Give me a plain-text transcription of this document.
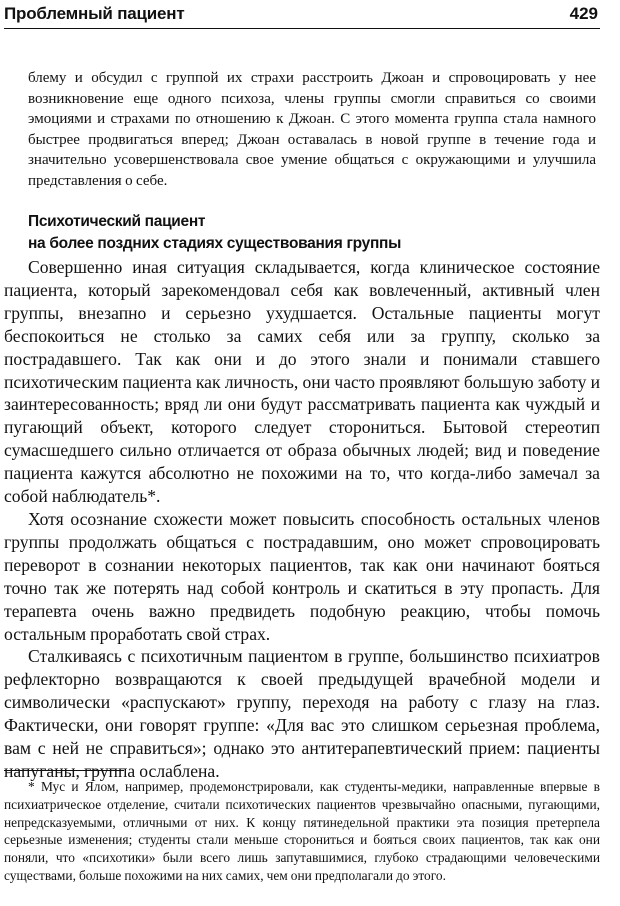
Проблемный пациент	429

блему и обсудил с группой их страхи расстроить Джоан и спровоцировать у нее возникновение еще одного психоза, члены группы смогли справиться со своими эмоциями и страхами по отношению к Джоан. С этого момента группа стала намного быстрее продвигаться вперед; Джоан оставалась в новой группе в течение года и значительно усовершенствовала свое умение общаться с окружающими и улучшила представления о себе.

Психотический пациент
на более поздних стадиях существования группы

Совершенно иная ситуация складывается, когда клиническое состояние пациента, который зарекомендовал себя как вовлеченный, активный член группы, внезапно и серьезно ухудшается. Остальные пациенты могут беспокоиться не столько за самих себя или за группу, сколько за пострадавшего. Так как они и до этого знали и понимали ставшего психотическим пациента как личность, они часто проявляют большую заботу и заинтересованность; вряд ли они будут рассматривать пациента как чуждый и пугающий объект, которого следует сторониться. Бытовой стереотип сумасшедшего сильно отличается от образа обычных людей; вид и поведение пациента кажутся абсолютно не похожими на то, что когда-либо замечал за собой наблюдатель*.

Хотя осознание схожести может повысить способность остальных членов группы продолжать общаться с пострадавшим, оно может спровоцировать переворот в сознании некоторых пациентов, так как они начинают бояться точно так же потерять над собой контроль и скатиться в эту пропасть. Для терапевта очень важно предвидеть подобную реакцию, чтобы помочь остальным проработать свой страх.

Сталкиваясь с психотичным пациентом в группе, большинство психиатров рефлекторно возвращаются к своей предыдущей врачебной модели и символически «распускают» группу, переходя на работу с глазу на глаз. Фактически, они говорят группе: «Для вас это слишком серьезная проблема, вам с ней не справиться»; однако это антитерапевтический прием: пациенты напуганы, группа ослаблена.

* Мус и Ялом, например, продемонстрировали, как студенты-медики, направленные впервые в психиатрическое отделение, считали психотических пациентов чрезвычайно опасными, пугающими, непредсказуемыми, отличными от них. К концу пятинедельной практики эта позиция претерпела серьезные изменения; студенты стали меньше сторониться и бояться своих пациентов, так как они поняли, что «психотики» были всего лишь запутавшимися, глубоко страдающими человеческими существами, больше похожими на них самих, чем они предполагали до этого.
